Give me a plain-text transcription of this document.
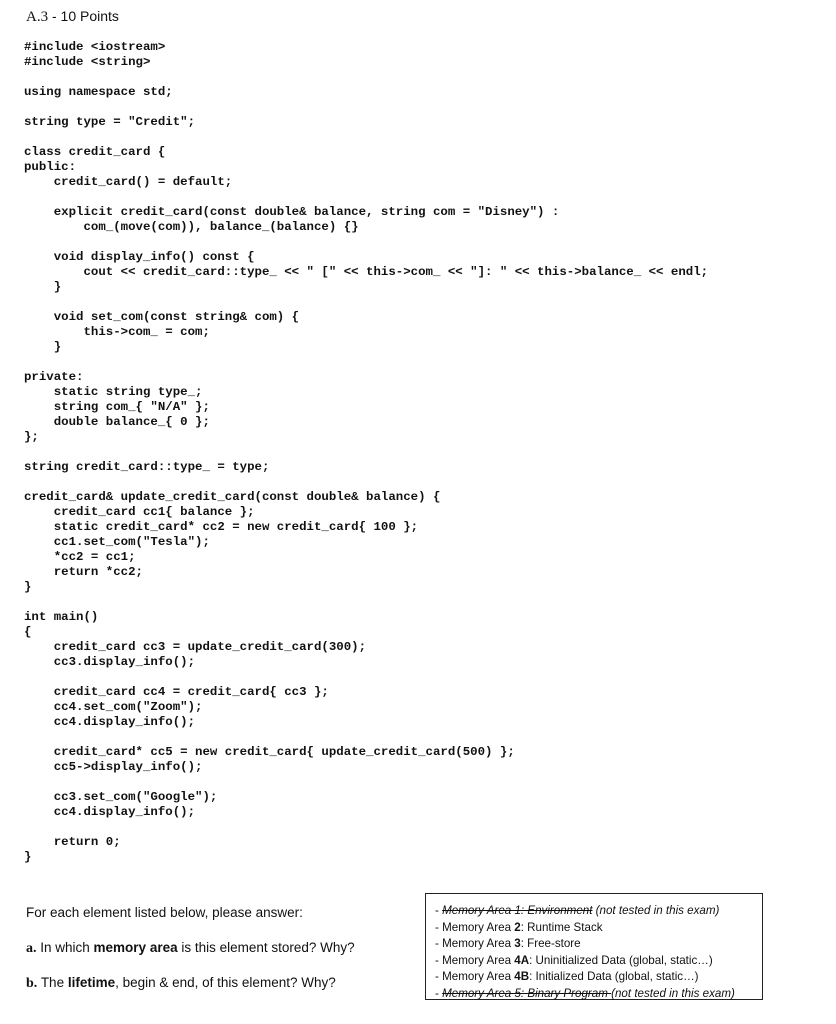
A.3 - 10 Points
#include <iostream>
#include <string>
using namespace std;
string type = "Credit";
class credit_card {
public:
credit_card() = default;
explicit credit_card(const double& balance, string com = "Disney") :
com_(move(com)), balance_(balance) {}
void display_info() const {
cout << credit_card::type_ << " [" << this->com_ << "]: " << this->balance_ << endl;
}
void set_com(const string& com) {
this->com_ = com;
}
private:
static string type_;
string com_{ "N/A" };
double balance_{ 0 };
};
string credit_card::type_ = type;
credit_card& update_credit_card(const double& balance) {
credit_card cc1{ balance };
static credit_card* cc2 = new credit_card{ 100 };
cc1.set_com("Tesla");
*cc2 = cc1;
return *cc2;
}
int main()
{
credit_card cc3 = update_credit_card(300);
cc3.display_info();
credit_card cc4 = credit_card{ cc3 };
cc4.set_com("Zoom");
cc4.display_info();
credit_card* cc5 = new credit_card{ update_credit_card(500) };
cc5->display_info();
cc3.set_com("Google");
cc4.display_info();
return 0;
}
For each element listed below, please answer:
a. In which memory area is this element stored? Why?
b. The lifetime, begin & end, of this element? Why?
- Memory Area 1: Environment (not tested in this exam)
- Memory Area 2: Runtime Stack
- Memory Area 3: Free-store
- Memory Area 4A: Uninitialized Data (global, static…)
- Memory Area 4B: Initialized Data (global, static…)
- Memory Area 5: Binary Program (not tested in this exam)
